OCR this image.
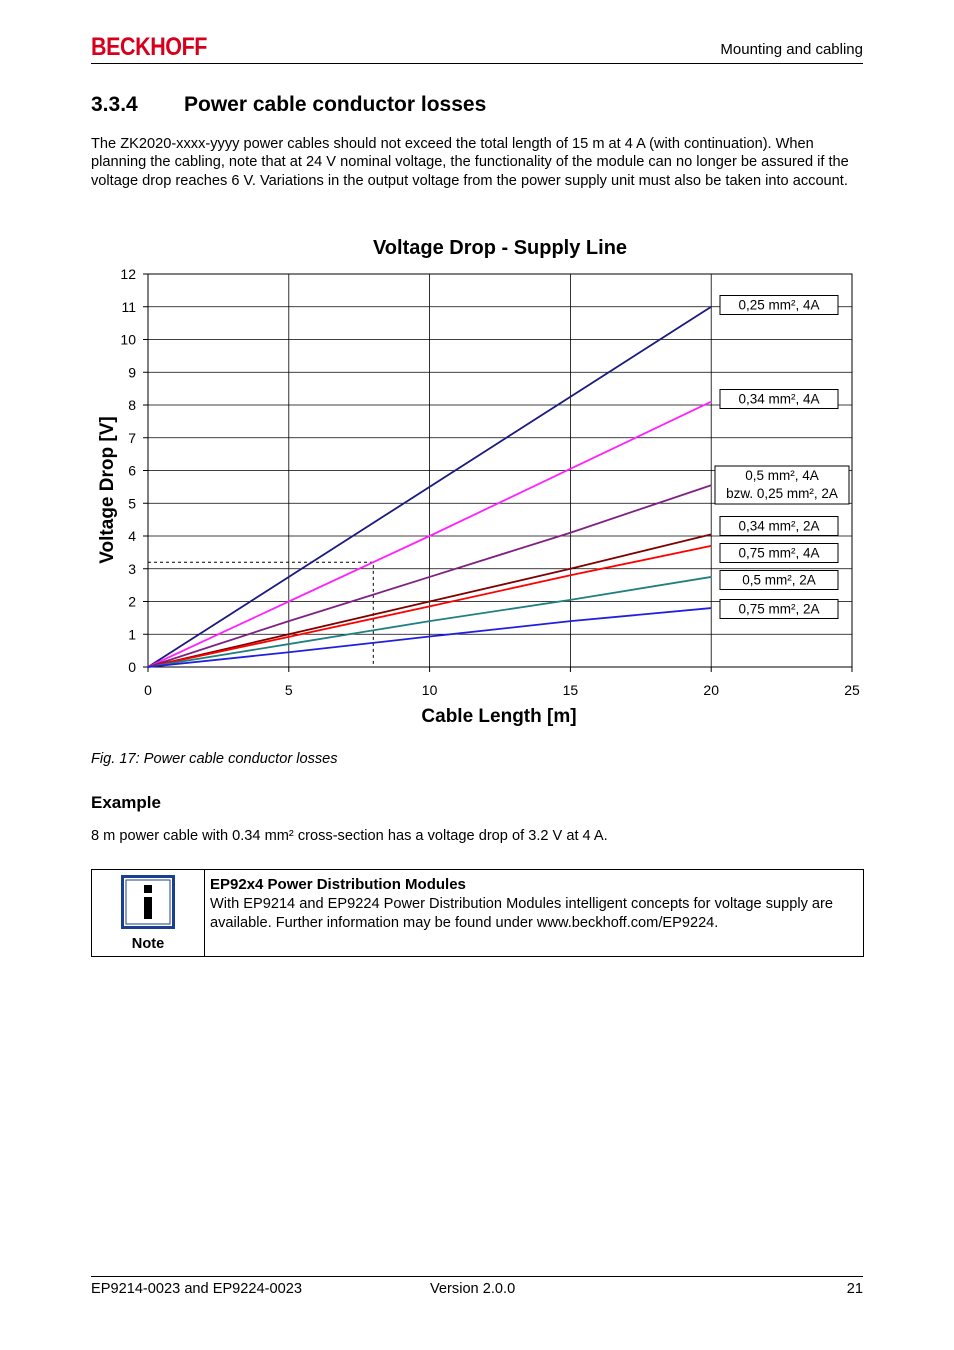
BECKHOFF	Mounting and cabling
3.3.4 Power cable conductor losses
The ZK2020-xxxx-yyyy power cables should not exceed the total length of 15 m at 4 A (with continuation). When planning the cabling, note that at 24 V nominal voltage, the functionality of the module can no longer be assured if the voltage drop reaches 6 V. Variations in the output voltage from the power supply unit must also be taken into account.
Voltage Drop - Supply Line
0
1
2
3
4
5
6
7
8
9
10
11
12
0	5	10	15	20	25
0,25 mm², 4A
0,34 mm², 4A
0,5 mm², 4A
bzw. 0,25 mm², 2A
0,34 mm², 2A
0,75 mm², 4A
0,5 mm², 2A
0,75 mm², 2A
Cable Length [m]
Voltage Drop [V]
Fig. 17: Power cable conductor losses
Example
8 m power cable with 0.34 mm² cross-section has a voltage drop of 3.2 V at 4 A.
Note
EP92x4 Power Distribution Modules
With EP9214 and EP9224 Power Distribution Modules intelligent concepts for voltage supply are available. Further information may be found under www.beckhoff.com/EP9224.
EP9214-0023 and EP9224-0023	Version 2.0.0	21
